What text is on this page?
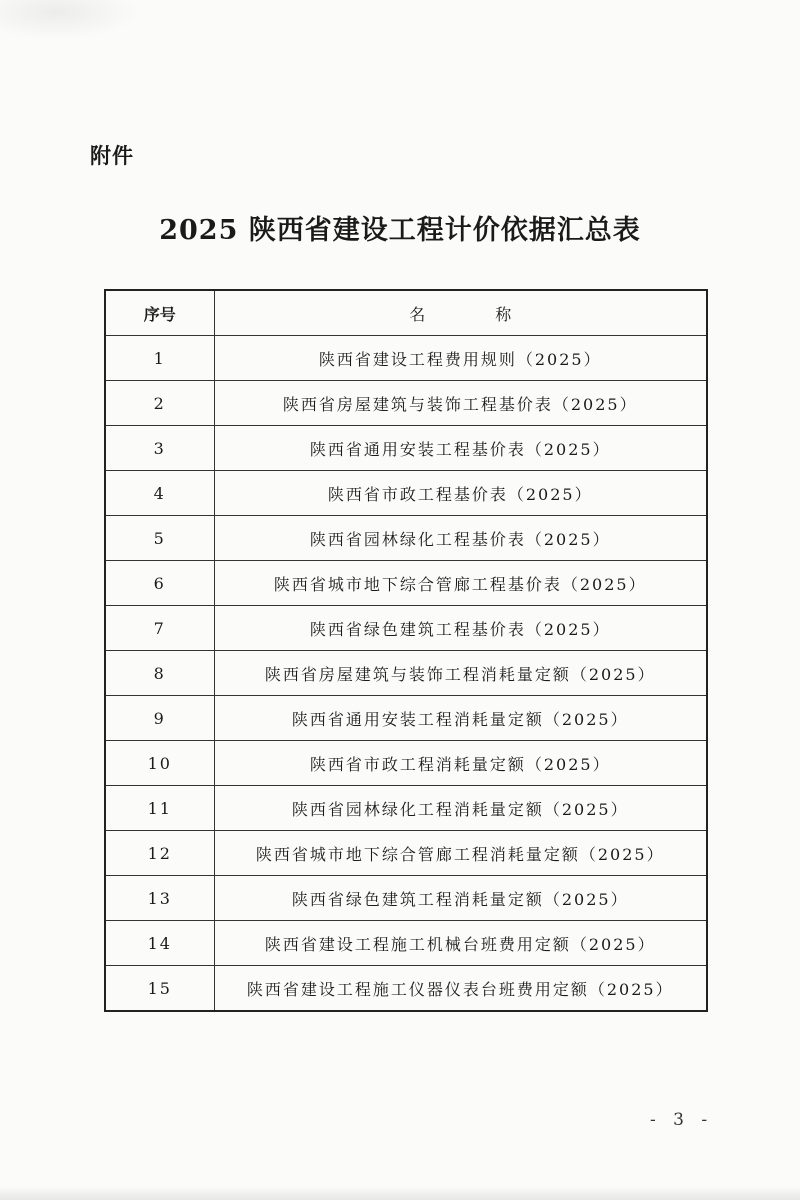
附件
2025 陕西省建设工程计价依据汇总表
序号	名 称
1	陕西省建设工程费用规则（2025）
2	陕西省房屋建筑与装饰工程基价表（2025）
3	陕西省通用安装工程基价表（2025）
4	陕西省市政工程基价表（2025）
5	陕西省园林绿化工程基价表（2025）
6	陕西省城市地下综合管廊工程基价表（2025）
7	陕西省绿色建筑工程基价表（2025）
8	陕西省房屋建筑与装饰工程消耗量定额（2025）
9	陕西省通用安装工程消耗量定额（2025）
10	陕西省市政工程消耗量定额（2025）
11	陕西省园林绿化工程消耗量定额（2025）
12	陕西省城市地下综合管廊工程消耗量定额（2025）
13	陕西省绿色建筑工程消耗量定额（2025）
14	陕西省建设工程施工机械台班费用定额（2025）
15	陕西省建设工程施工仪器仪表台班费用定额（2025）
- 3 -
